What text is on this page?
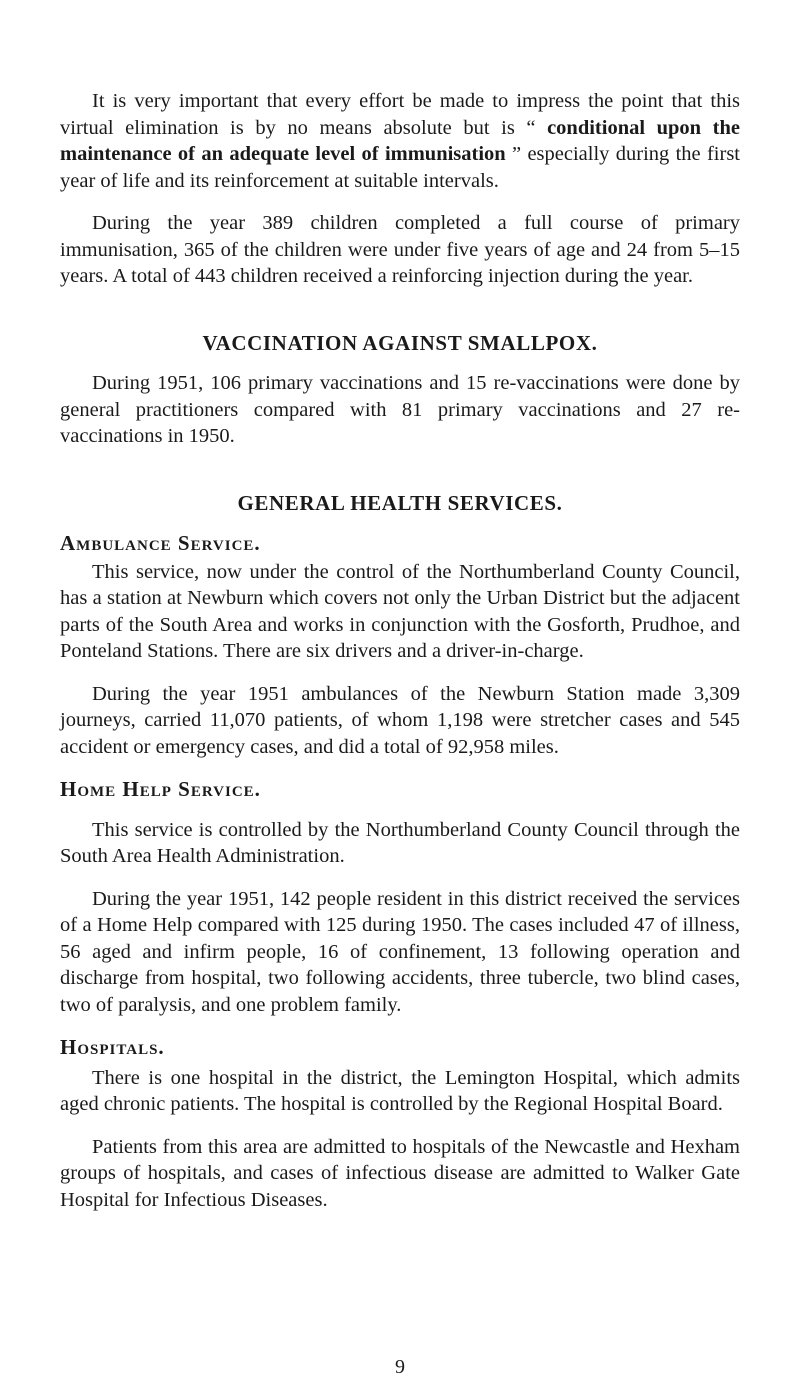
It is very important that every effort be made to impress the point that this virtual elimination is by no means absolute but is “ conditional upon the maintenance of an adequate level of immunisation ” especially during the first year of life and its reinforcement at suitable intervals.

During the year 389 children completed a full course of primary immunisation, 365 of the children were under five years of age and 24 from 5–15 years. A total of 443 children received a reinforcing injection during the year.

VACCINATION AGAINST SMALLPOX.

During 1951, 106 primary vaccinations and 15 re-vaccinations were done by general practitioners compared with 81 primary vaccinations and 27 re-vaccinations in 1950.

GENERAL HEALTH SERVICES.
Ambulance Service.

This service, now under the control of the Northumberland County Council, has a station at Newburn which covers not only the Urban District but the adjacent parts of the South Area and works in conjunction with the Gosforth, Prudhoe, and Ponteland Stations. There are six drivers and a driver-in-charge.

During the year 1951 ambulances of the Newburn Station made 3,309 journeys, carried 11,070 patients, of whom 1,198 were stretcher cases and 545 accident or emergency cases, and did a total of 92,958 miles.

Home Help Service.

This service is controlled by the Northumberland County Council through the South Area Health Administration.

During the year 1951, 142 people resident in this district received the services of a Home Help compared with 125 during 1950. The cases included 47 of illness, 56 aged and infirm people, 16 of confinement, 13 following operation and discharge from hospital, two following accidents, three tubercle, two blind cases, two of paralysis, and one problem family.

Hospitals.

There is one hospital in the district, the Lemington Hospital, which admits aged chronic patients. The hospital is controlled by the Regional Hospital Board.

Patients from this area are admitted to hospitals of the Newcastle and Hexham groups of hospitals, and cases of infectious disease are admitted to Walker Gate Hospital for Infectious Diseases.

9
